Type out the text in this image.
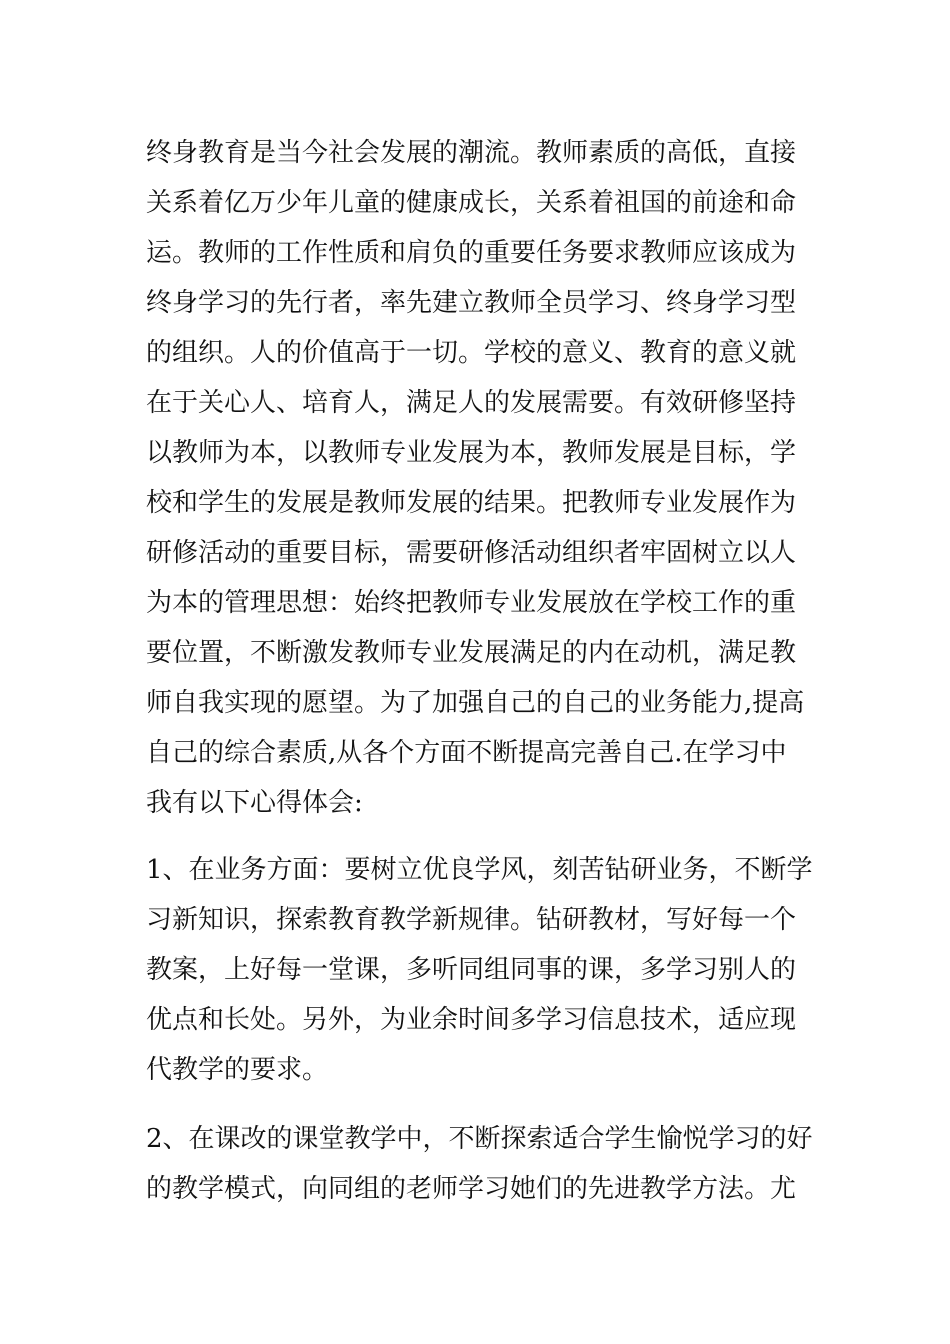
终身教育是当今社会发展的潮流。教师素质的高低，直接
关系着亿万少年儿童的健康成长，关系着祖国的前途和命
运。教师的工作性质和肩负的重要任务要求教师应该成为
终身学习的先行者，率先建立教师全员学习、终身学习型
的组织。人的价值高于一切。学校的意义、教育的意义就
在于关心人、培育人，满足人的发展需要。有效研修坚持
以教师为本，以教师专业发展为本，教师发展是目标，学
校和学生的发展是教师发展的结果。把教师专业发展作为
研修活动的重要目标，需要研修活动组织者牢固树立以人
为本的管理思想：始终把教师专业发展放在学校工作的重
要位置，不断激发教师专业发展满足的内在动机，满足教
师自我实现的愿望。为了加强自己的自己的业务能力,提高
自己的综合素质,从各个方面不断提高完善自己.在学习中
我有以下心得体会:
1、在业务方面：要树立优良学风，刻苦钻研业务，不断学
习新知识，探索教育教学新规律。钻研教材，写好每一个
教案，上好每一堂课，多听同组同事的课，多学习别人的
优点和长处。另外，为业余时间多学习信息技术，适应现
代教学的要求。
2、在课改的课堂教学中，不断探索适合学生愉悦学习的好
的教学模式，向同组的老师学习她们的先进教学方法。尤
